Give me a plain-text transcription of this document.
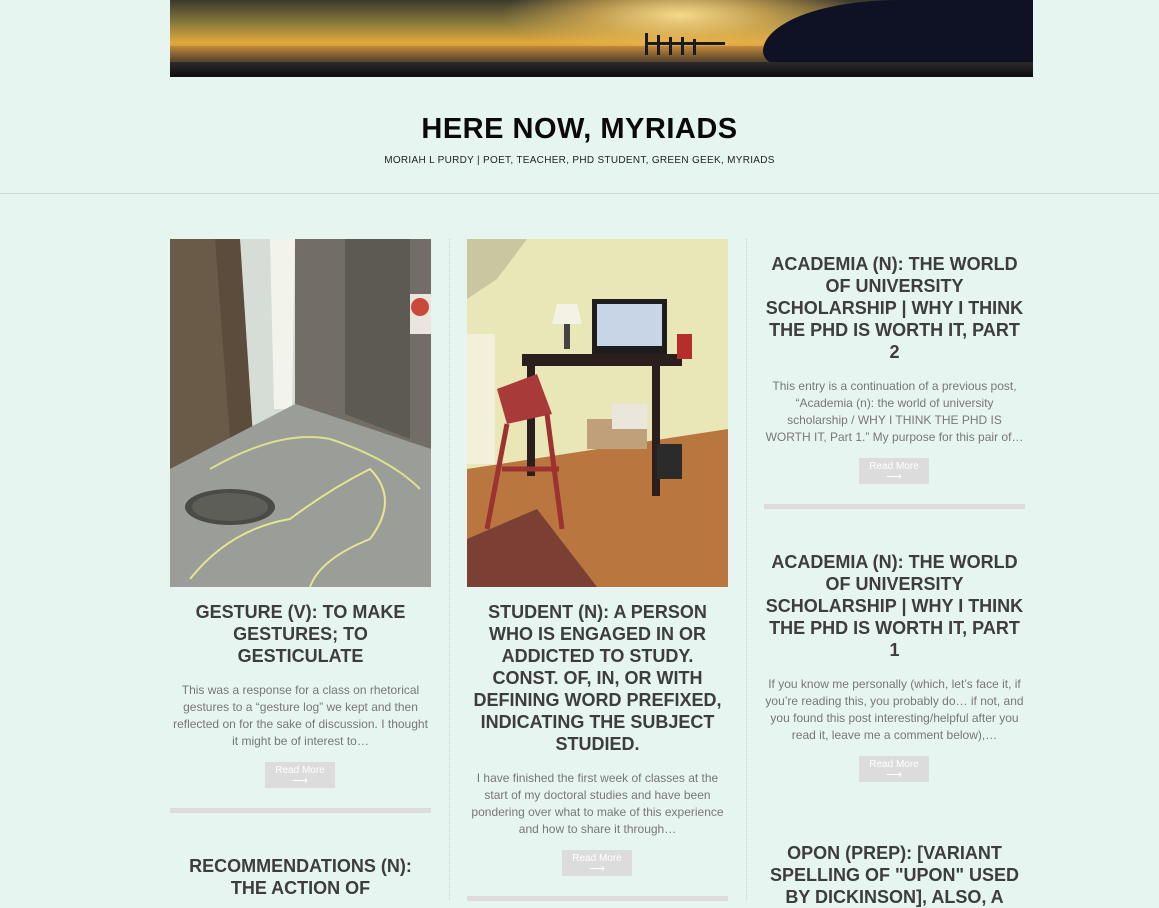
HERE NOW, MYRIADS

MORIAH L PURDY | POET, TEACHER, PHD STUDENT, GREEN GEEK, MYRIADS

GESTURE (V): TO MAKE GESTURES; TO GESTICULATE

This was a response for a class on rhetorical gestures to a “gesture log” we kept and then reflected on for the sake of discussion. I thought it might be of interest to…

Read More
⟶
RECOMMENDATIONS (N): THE ACTION OF
STUDENT (N): A PERSON WHO IS ENGAGED IN OR ADDICTED TO STUDY. CONST. OF, IN, OR WITH DEFINING WORD PREFIXED, INDICATING THE SUBJECT STUDIED.

I have finished the first week of classes at the start of my doctoral studies and have been pondering over what to make of this experience and how to share it through…

Read More
⟶
ACADEMIA (N): THE WORLD OF UNIVERSITY SCHOLARSHIP | WHY I THINK THE PHD IS WORTH IT, PART 2

This entry is a continuation of a previous post, “Academia (n): the world of university scholarship / WHY I THINK THE PHD IS WORTH IT, Part 1.” My purpose for this pair of…

Read More
⟶
ACADEMIA (N): THE WORLD OF UNIVERSITY SCHOLARSHIP | WHY I THINK THE PHD IS WORTH IT, PART 1

If you know me personally (which, let’s face it, if you’re reading this, you probably do… if not, and you found this post interesting/helpful after you read it, leave me a comment below),…

Read More
⟶
OPON (PREP): [VARIANT SPELLING OF "UPON" USED BY DICKINSON], ALSO, A
